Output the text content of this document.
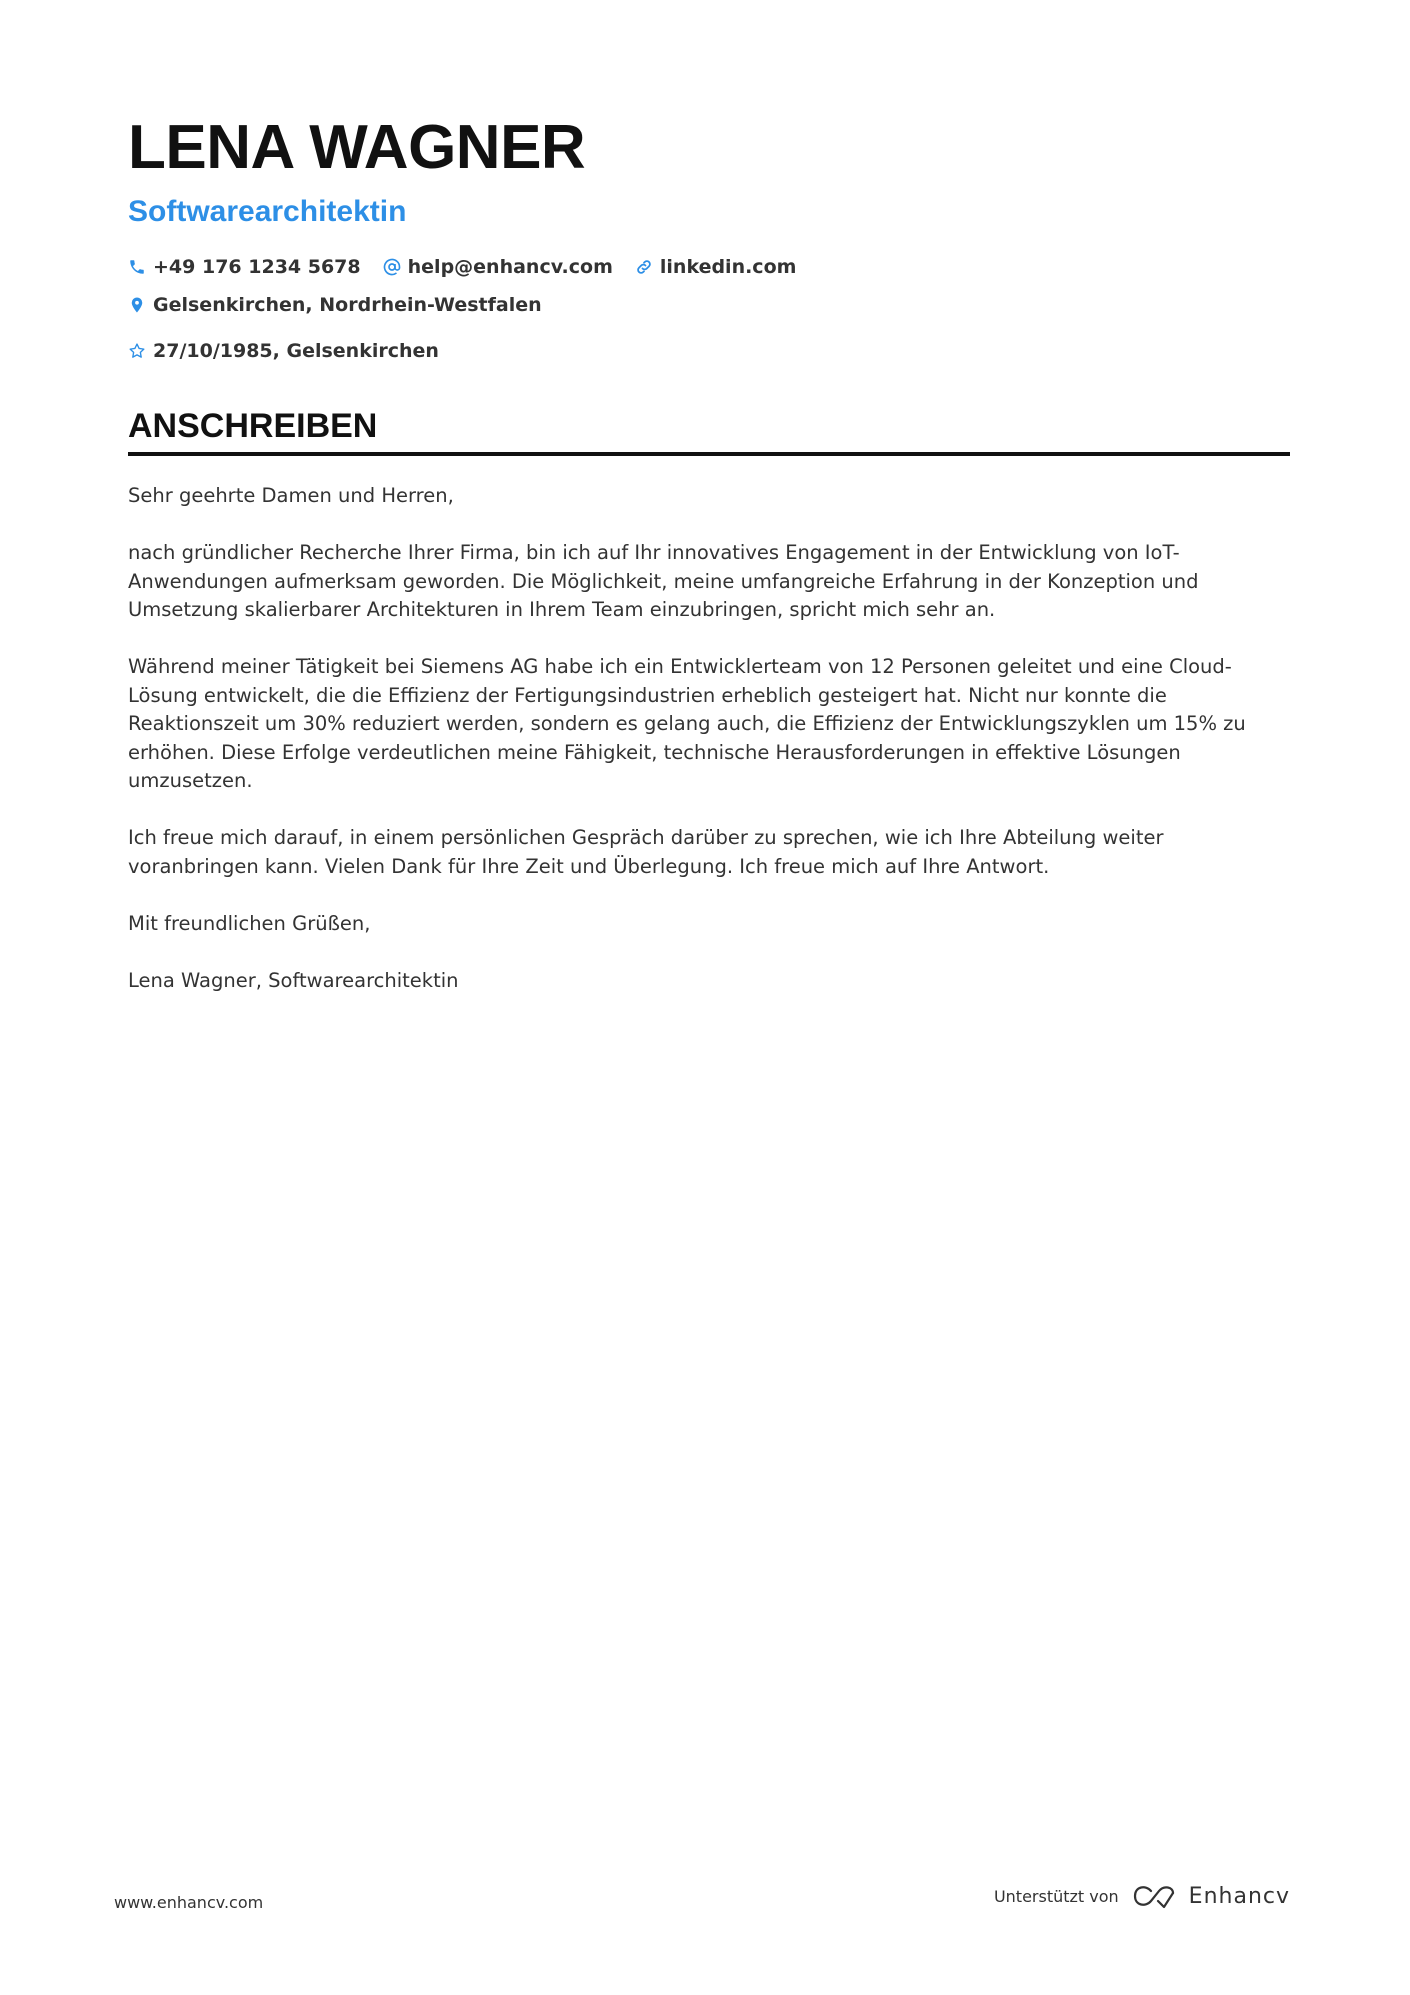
LENA WAGNER
Softwarearchitektin
+49 176 1234 5678 help@enhancv.com linkedin.com
Gelsenkirchen, Nordrhein-Westfalen
27/10/1985, Gelsenkirchen
ANSCHREIBEN

Sehr geehrte Damen und Herren,

nach gründlicher Recherche Ihrer Firma, bin ich auf Ihr innovatives Engagement in der Entwicklung von IoT-Anwendungen aufmerksam geworden. Die Möglichkeit, meine umfangreiche Erfahrung in der Konzeption und Umsetzung skalierbarer Architekturen in Ihrem Team einzubringen, spricht mich sehr an.

Während meiner Tätigkeit bei Siemens AG habe ich ein Entwicklerteam von 12 Personen geleitet und eine Cloud-Lösung entwickelt, die die Effizienz der Fertigungsindustrien erheblich gesteigert hat. Nicht nur konnte die Reaktionszeit um 30% reduziert werden, sondern es gelang auch, die Effizienz der Entwicklungszyklen um 15% zu erhöhen. Diese Erfolge verdeutlichen meine Fähigkeit, technische Herausforderungen in effektive Lösungen umzusetzen.

Ich freue mich darauf, in einem persönlichen Gespräch darüber zu sprechen, wie ich Ihre Abteilung weiter voranbringen kann. Vielen Dank für Ihre Zeit und Überlegung. Ich freue mich auf Ihre Antwort.

Mit freundlichen Grüßen,

Lena Wagner, Softwarearchitektin

www.enhancv.com	Unterstützt von	Enhancv
